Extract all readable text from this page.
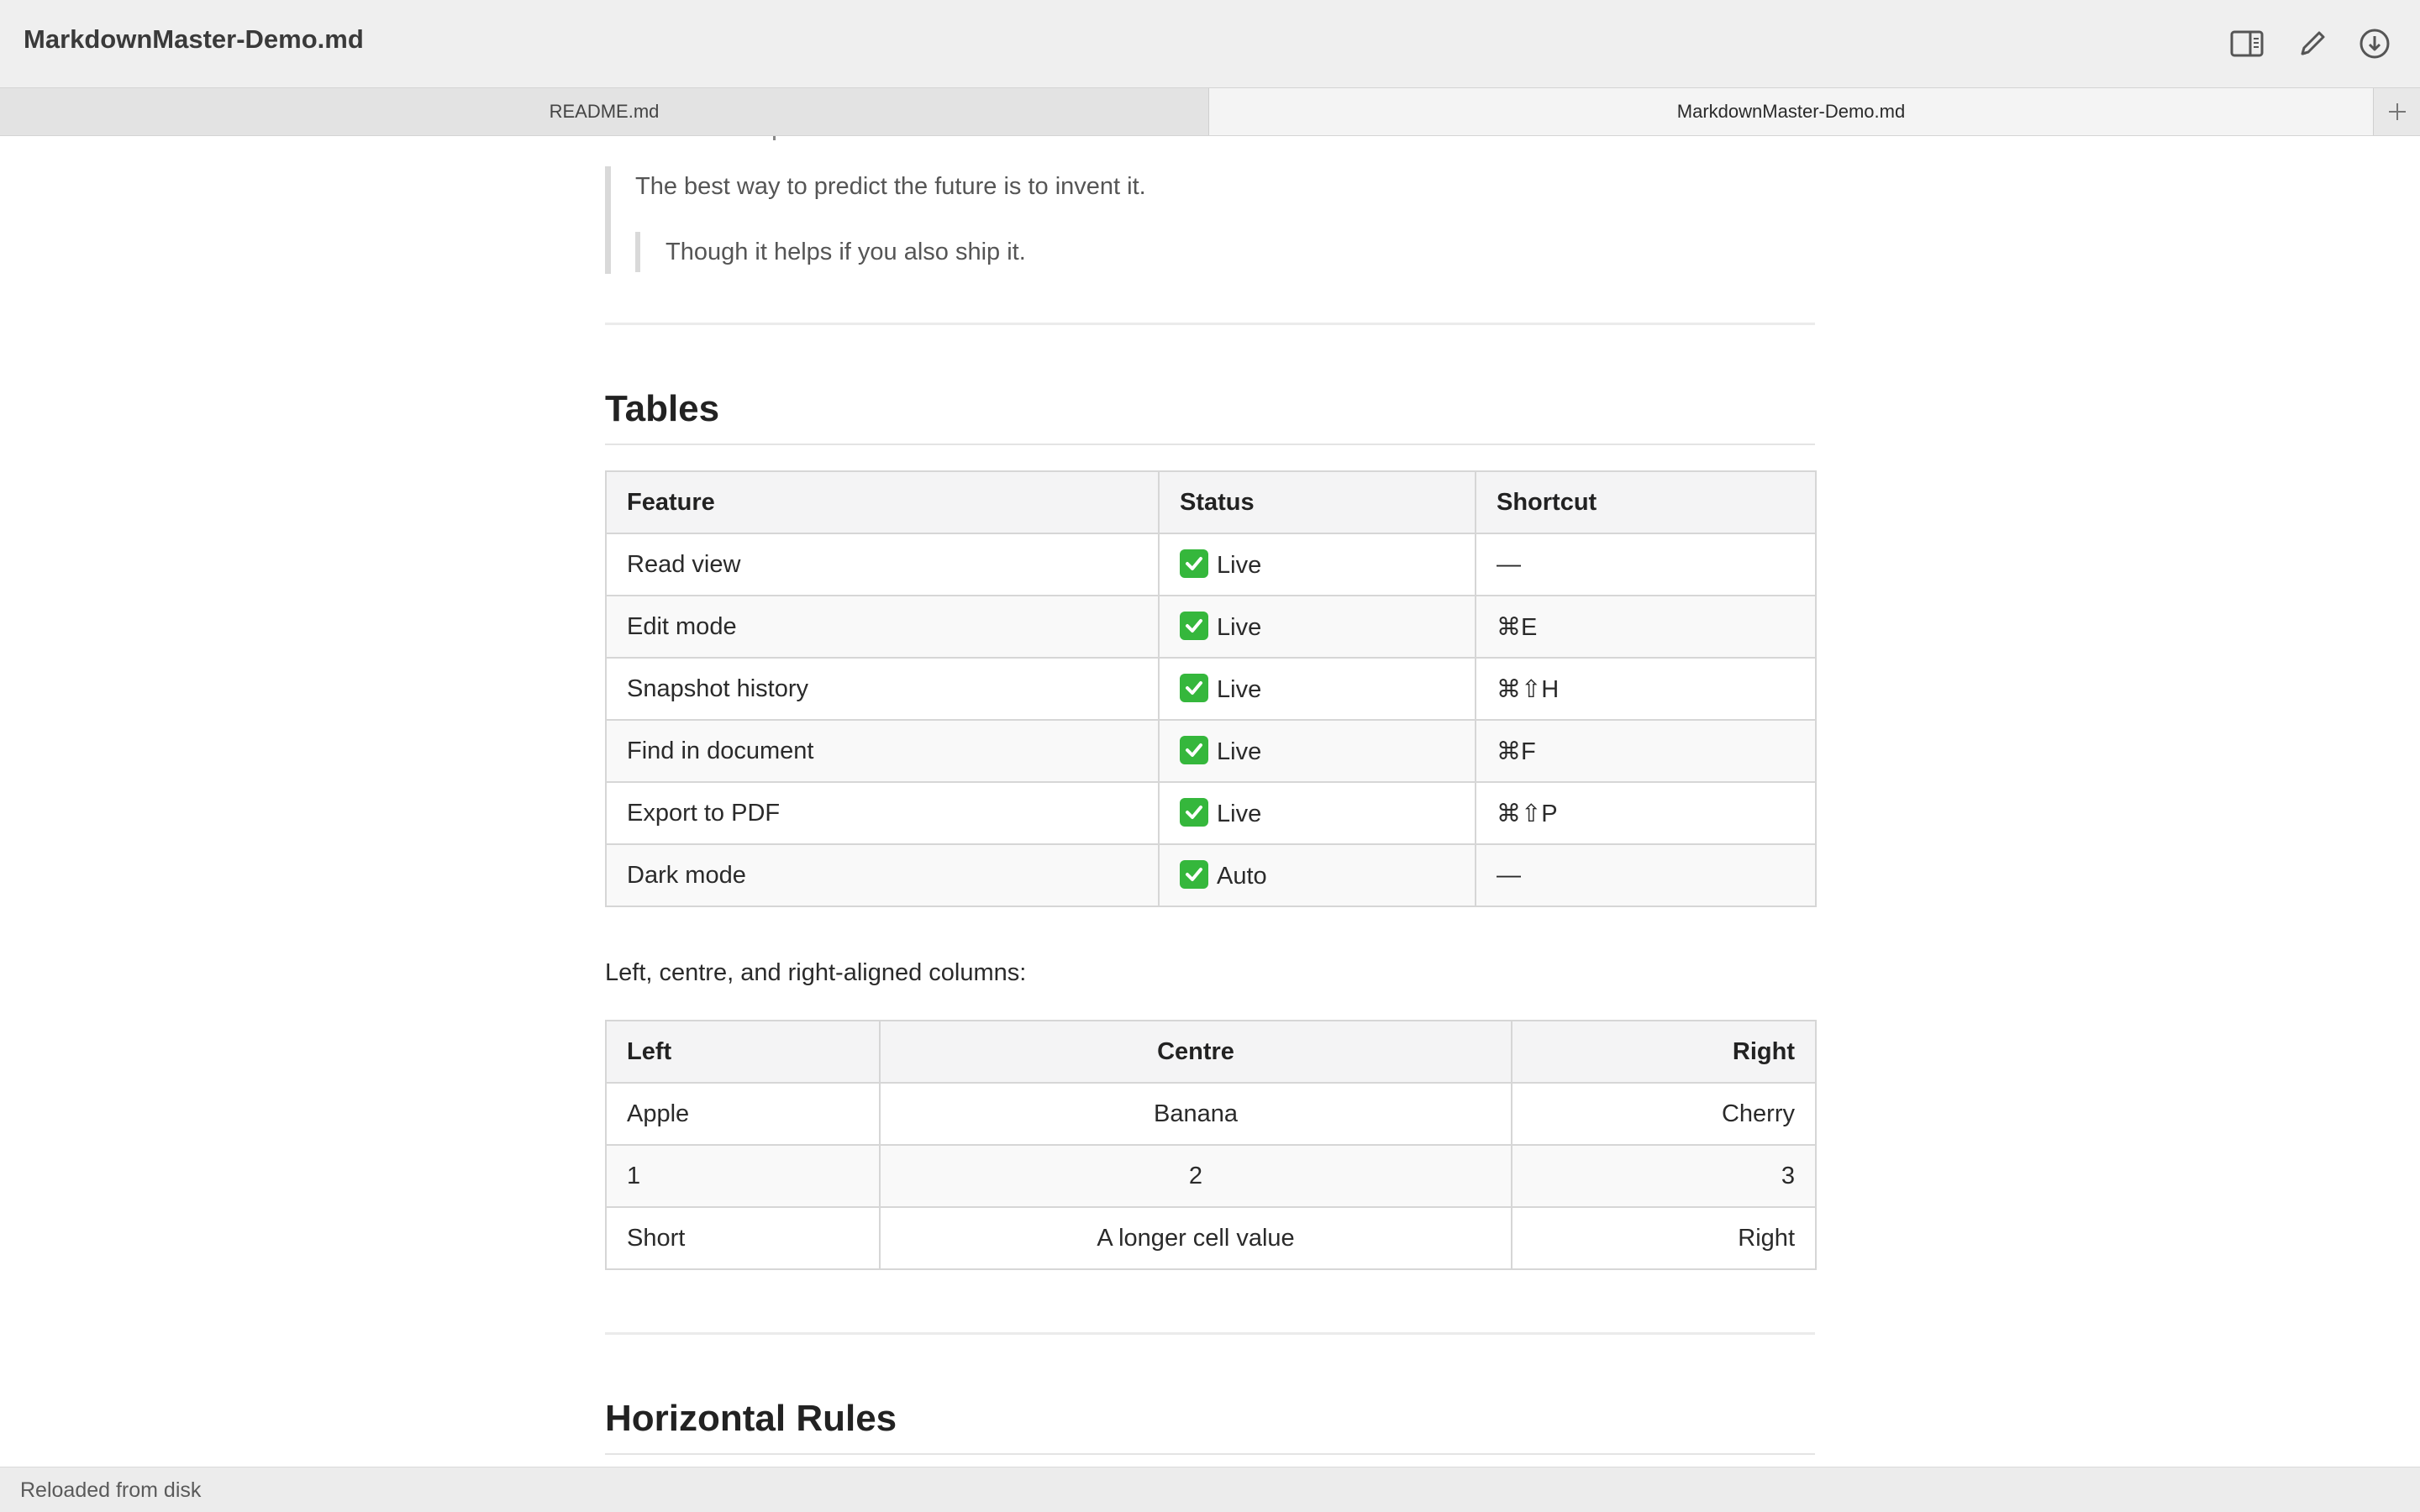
MarkdownMaster-Demo.md
README.md	MarkdownMaster-Demo.md
The best way to predict the future is to invent it.
Though it helps if you also ship it.
Tables
Feature	Status	Shortcut
Read view	Live	—
Edit mode	Live	⌘E
Snapshot history	Live	⌘⇧H
Find in document	Live	⌘F
Export to PDF	Live	⌘⇧P
Dark mode	Auto	—
Left, centre, and right-aligned columns:
Left	Centre	Right
Apple	Banana	Cherry
1	2	3
Short	A longer cell value	Right
Horizontal Rules
Reloaded from disk
